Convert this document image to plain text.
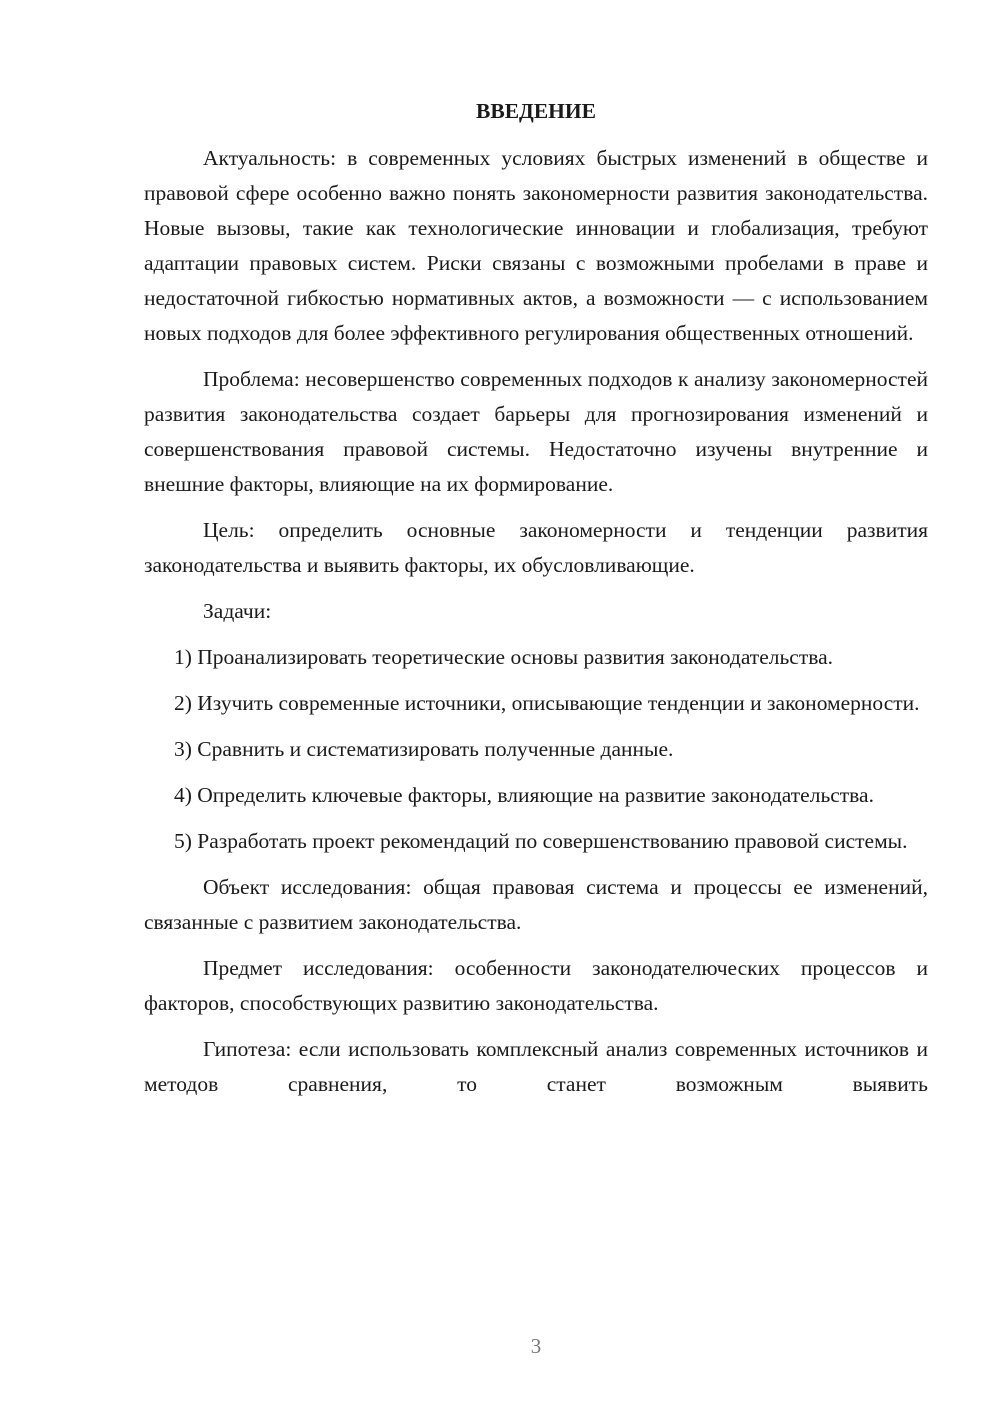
ВВЕДЕНИЕ

Актуальность: в современных условиях быстрых изменений в обществе и правовой сфере особенно важно понять закономерности развития законодательства. Новые вызовы, такие как технологические инновации и глобализация, требуют адаптации правовых систем. Риски связаны с возможными пробелами в праве и недостаточной гибкостью нормативных актов, а возможности — с использованием новых подходов для более эффективного регулирования общественных отношений.

Проблема: несовершенство современных подходов к анализу закономерностей развития законодательства создает барьеры для прогнозирования изменений и совершенствования правовой системы. Недостаточно изучены внутренние и внешние факторы, влияющие на их формирование.

Цель: определить основные закономерности и тенденции развития законодательства и выявить факторы, их обусловливающие.

Задачи:

1) Проанализировать теоретические основы развития законодательства.

2) Изучить современные источники, описывающие тенденции и закономерности.

3) Сравнить и систематизировать полученные данные.

4) Определить ключевые факторы, влияющие на развитие законодательства.

5) Разработать проект рекомендаций по совершенствованию правовой системы.

Объект исследования: общая правовая система и процессы ее изменений, связанные с развитием законодательства.

Предмет исследования: особенности законодателюческих процессов и факторов, способствующих развитию законодательства.

Гипотеза: если использовать комплексный анализ современных источников и методов сравнения, то станет возможным выявить

3
